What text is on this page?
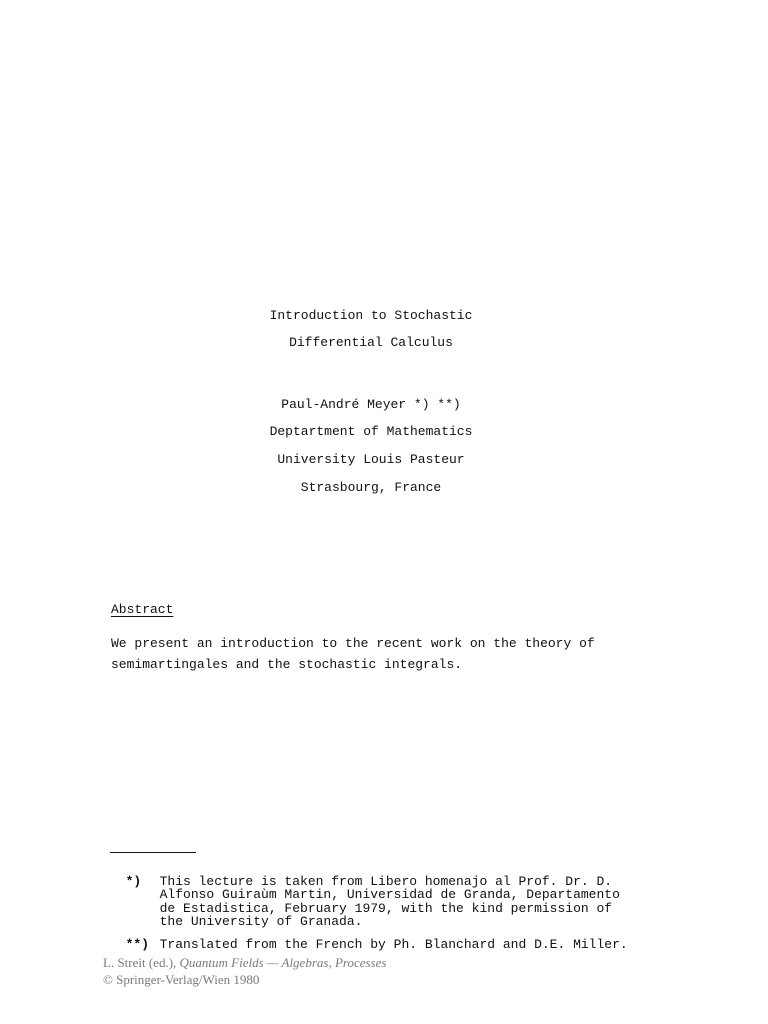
Introduction to Stochastic
Differential Calculus
Paul-André Meyer *) **)
Deptartment of Mathematics
University Louis Pasteur
Strasbourg, France
Abstract
We present an introduction to the recent work on the theory of
semimartingales and the stochastic integrals.

*) This lecture is taken from Libero homenajo al Prof. Dr. D.
Alfonso Guiraùm Martin, Universidad de Granda, Departamento
de Estadistica, February 1979, with the kind permission of
the University of Granada.

**) Translated from the French by Ph. Blanchard and D.E. Miller.

L. Streit (ed.), Quantum Fields — Algebras, Processes
© Springer-Verlag/Wien 1980
